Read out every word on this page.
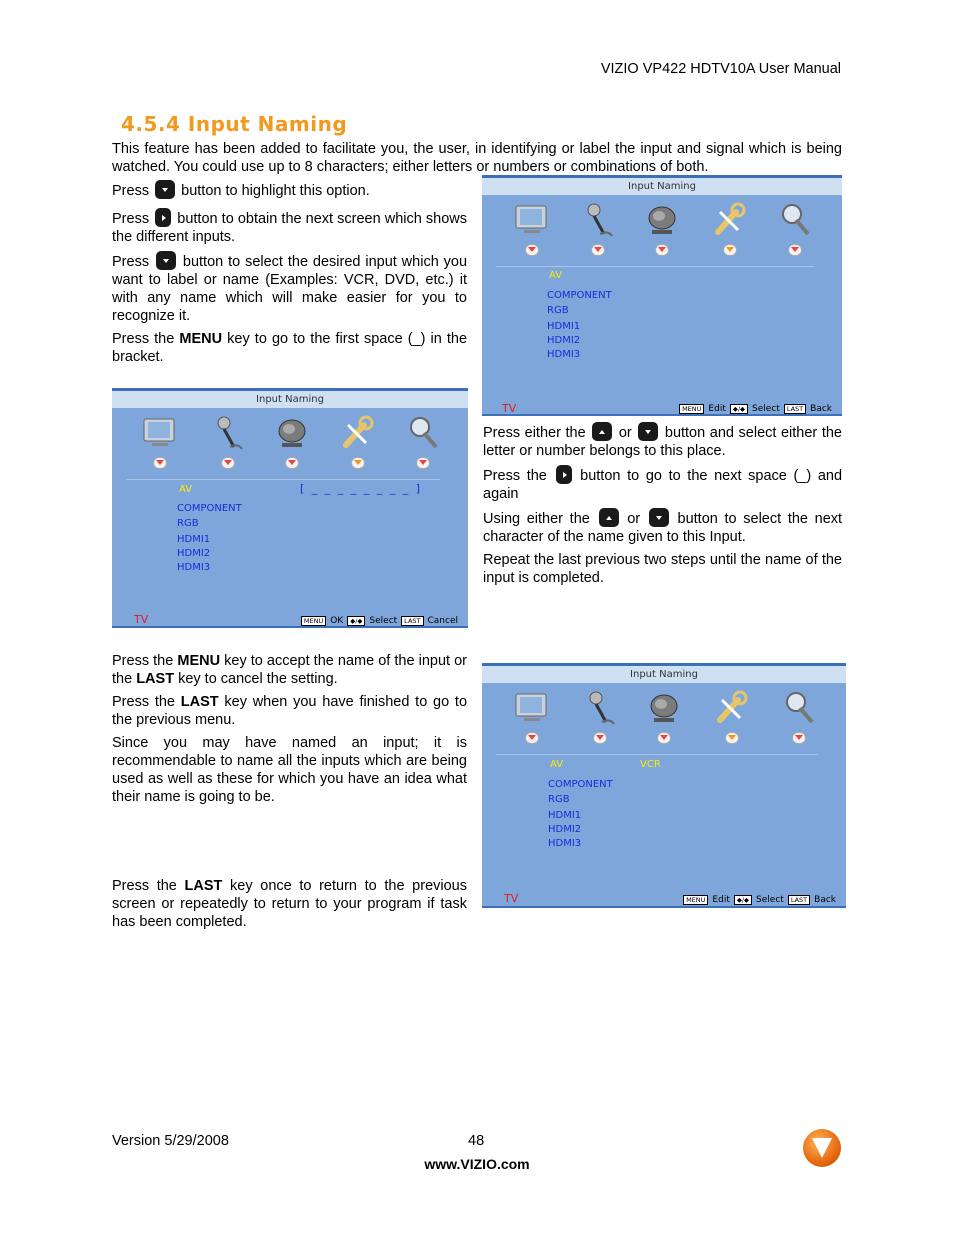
VIZIO VP422 HDTV10A User Manual
4.5.4 Input Naming
This feature has been added to facilitate you, the user, in identifying or label the input and signal which is being watched. You could use up to 8 characters; either letters or numbers or combinations of both.

Press button to highlight this option.

Press button to obtain the next screen which shows the different inputs.

Press button to select the desired input which you want to label or name (Examples: VCR, DVD, etc.) it with any name which will make easier for you to recognize it.

Press the MENU key to go to the first space (_) in the bracket.

Input Naming
AV
COMPONENT
RGB
HDMI1
HDMI2
HDMI3
TV	MENU Edit	◆/◆ Select	LAST Back

Press either the or button and select either the letter or number belongs to this place.

Press the button to go to the next space (_) and again

Using either the	or	button to select the next character of the name given to this Input.

Repeat the last previous two steps until the name of the input is completed.

Input Naming
AV	[ _ _ _ _ _ _ _ _ ]
COMPONENT
RGB
HDMI1
HDMI2
HDMI3
TV	MENU OK	◆/◆ Select	LAST Cancel

Press the MENU key to accept the name of the input or the LAST key to cancel the setting.

Press the LAST key when you have finished to go to the previous menu.

Since you may have named an input; it is recommendable to name all the inputs which are being used as well as these for which you have an idea what their name is going to be.

Press the LAST key once to return to the previous screen or repeatedly to return to your program if task has been completed.

Input Naming
AV	VCR
COMPONENT
RGB
HDMI1
HDMI2
HDMI3
TV	MENU Edit	◆/◆ Select	LAST Back
Version 5/29/2008	48
www.VIZIO.com
